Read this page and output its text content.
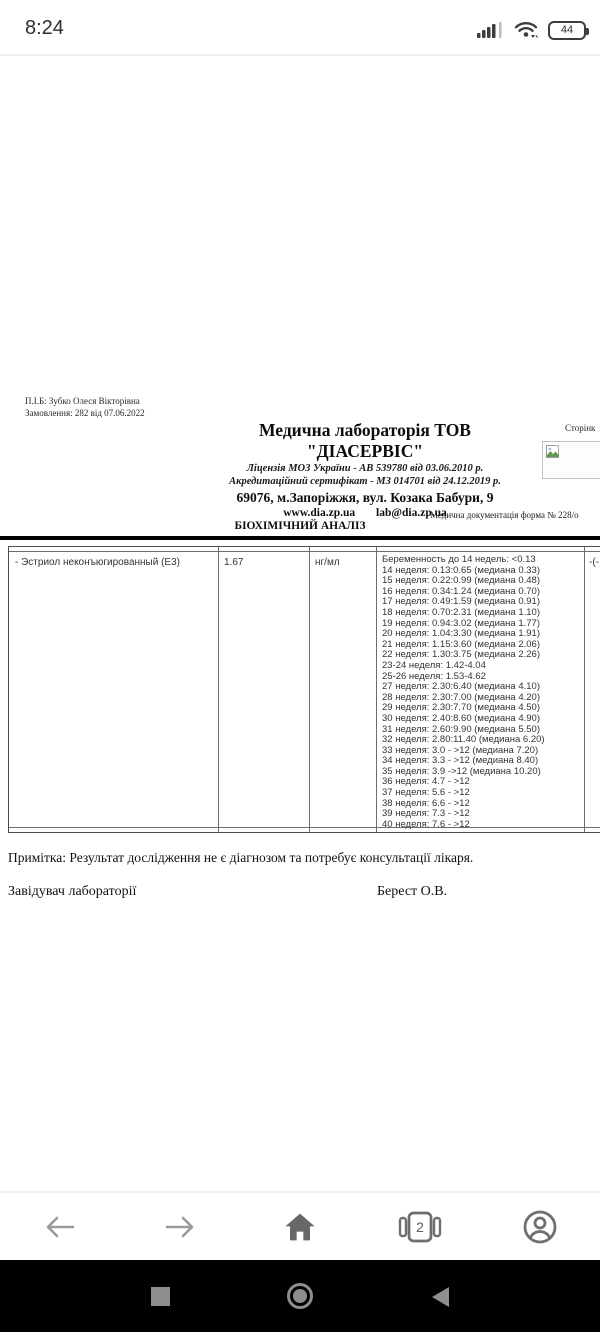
8:24	44
П.І.Б: Зубко Олеся Вікторівна
Замовлення: 282 від 07.06.2022
Сторінк
Медична лабораторія ТОВ
"ДІАСЕРВІС"
Ліцензія МОЗ України - АВ 539780 від 03.06.2010 р.
Акредитаційний сертифікат - МЗ 014701 від 24.12.2019 р.
69076, м.Запоріжжя, вул. Козака Бабури, 9
www.dia.zp.ua lab@dia.zp.ua
Медична документація форма № 228/о
БІОХІМІЧНИЙ АНАЛІЗ
- Эстриол неконъюгированный (Е3)	1.67	нг/мл	Беременность до 14 недель: <0.13
14 неделя: 0.13:0.65 (медиана 0.33)
15 неделя: 0.22:0.99 (медиана 0.48)
16 неделя: 0.34:1.24 (медиана 0.70)
17 неделя: 0.49:1.59 (медиана 0.91)
18 неделя: 0.70:2.31 (медиана 1.10)
19 неделя: 0.94:3.02 (медиана 1.77)
20 неделя: 1.04:3.30 (медиана 1.91)
21 неделя: 1.15:3.60 (медиана 2.06)
22 неделя: 1.30:3.75 (медиана 2.26)
23-24 неделя: 1.42-4.04
25-26 неделя: 1.53-4.62
27 неделя: 2.30:6.40 (медиана 4.10)
28 неделя: 2.30:7.00 (медиана 4.20)
29 неделя: 2.30:7.70 (медиана 4.50)
30 неделя: 2.40:8.60 (медиана 4.90)
31 неделя: 2.60:9.90 (медиана 5.50)
32 неделя: 2.80:11.40 (медиана 6.20)
33 неделя: 3.0 - >12 (медиана 7.20)
34 неделя: 3.3 - >12 (медиана 8.40)
35 неделя: 3.9 ->12 (медиана 10.20)
36 неделя: 4.7 - >12
37 неделя: 5.6 - >12
38 неделя: 6.6 - >12
39 неделя: 7.3 - >12
40 неделя: 7.6 - >12
-(-
Примітка: Результат дослідження не є діагнозом та потребує консультації лікаря.
Завідувач лабораторії	Берест О.В.
2
